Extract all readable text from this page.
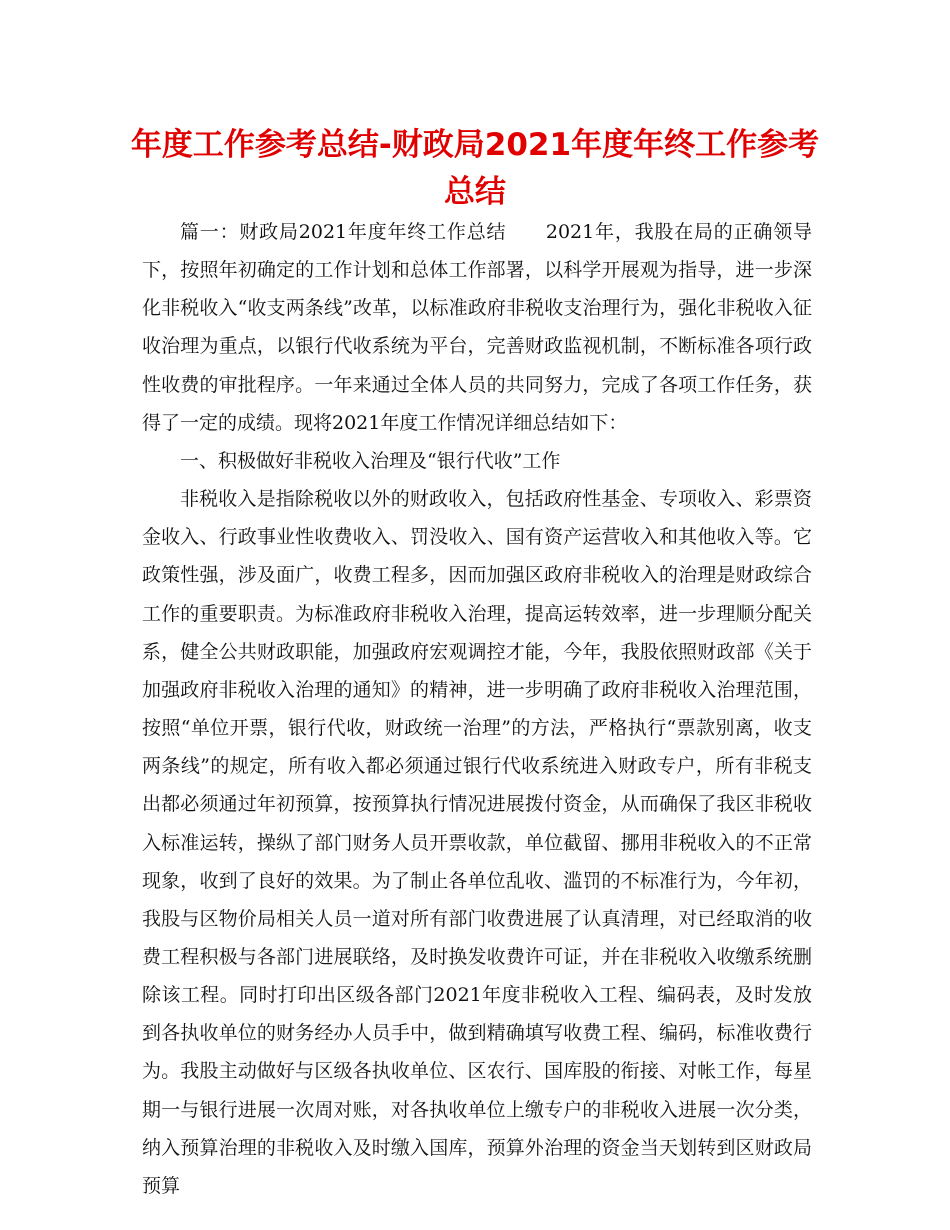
年度工作参考总结-财政局2021年度年终工作参考总结

篇一：财政局2021年度年终工作总结　　2021年，我股在局的正确领导下，按照年初确定的工作计划和总体工作部署，以科学开展观为指导，进一步深化非税收入“收支两条线”改革，以标准政府非税收支治理行为，强化非税收入征收治理为重点，以银行代收系统为平台，完善财政监视机制，不断标准各项行政性收费的审批程序。一年来通过全体人员的共同努力，完成了各项工作任务，获得了一定的成绩。现将2021年度工作情况详细总结如下：

一、积极做好非税收入治理及“银行代收”工作

非税收入是指除税收以外的财政收入，包括政府性基金、专项收入、彩票资金收入、行政事业性收费收入、罚没收入、国有资产运营收入和其他收入等。它政策性强，涉及面广，收费工程多，因而加强区政府非税收入的治理是财政综合工作的重要职责。为标准政府非税收入治理，提高运转效率，进一步理顺分配关系，健全公共财政职能，加强政府宏观调控才能，今年，我股依照财政部《关于加强政府非税收入治理的通知》的精神，进一步明确了政府非税收入治理范围，按照“单位开票，银行代收，财政统一治理”的方法，严格执行“票款别离，收支两条线”的规定，所有收入都必须通过银行代收系统进入财政专户，所有非税支出都必须通过年初预算，按预算执行情况进展拨付资金，从而确保了我区非税收入标准运转，操纵了部门财务人员开票收款，单位截留、挪用非税收入的不正常现象，收到了良好的效果。为了制止各单位乱收、滥罚的不标准行为，今年初，我股与区物价局相关人员一道对所有部门收费进展了认真清理，对已经取消的收费工程积极与各部门进展联络，及时换发收费许可证，并在非税收入收缴系统删除该工程。同时打印出区级各部门2021年度非税收入工程、编码表，及时发放到各执收单位的财务经办人员手中，做到精确填写收费工程、编码，标准收费行为。我股主动做好与区级各执收单位、区农行、国库股的衔接、对帐工作，每星期一与银行进展一次周对账，对各执收单位上缴专户的非税收入进展一次分类，纳入预算治理的非税收入及时缴入国库，预算外治理的资金当天划转到区财政局预算
